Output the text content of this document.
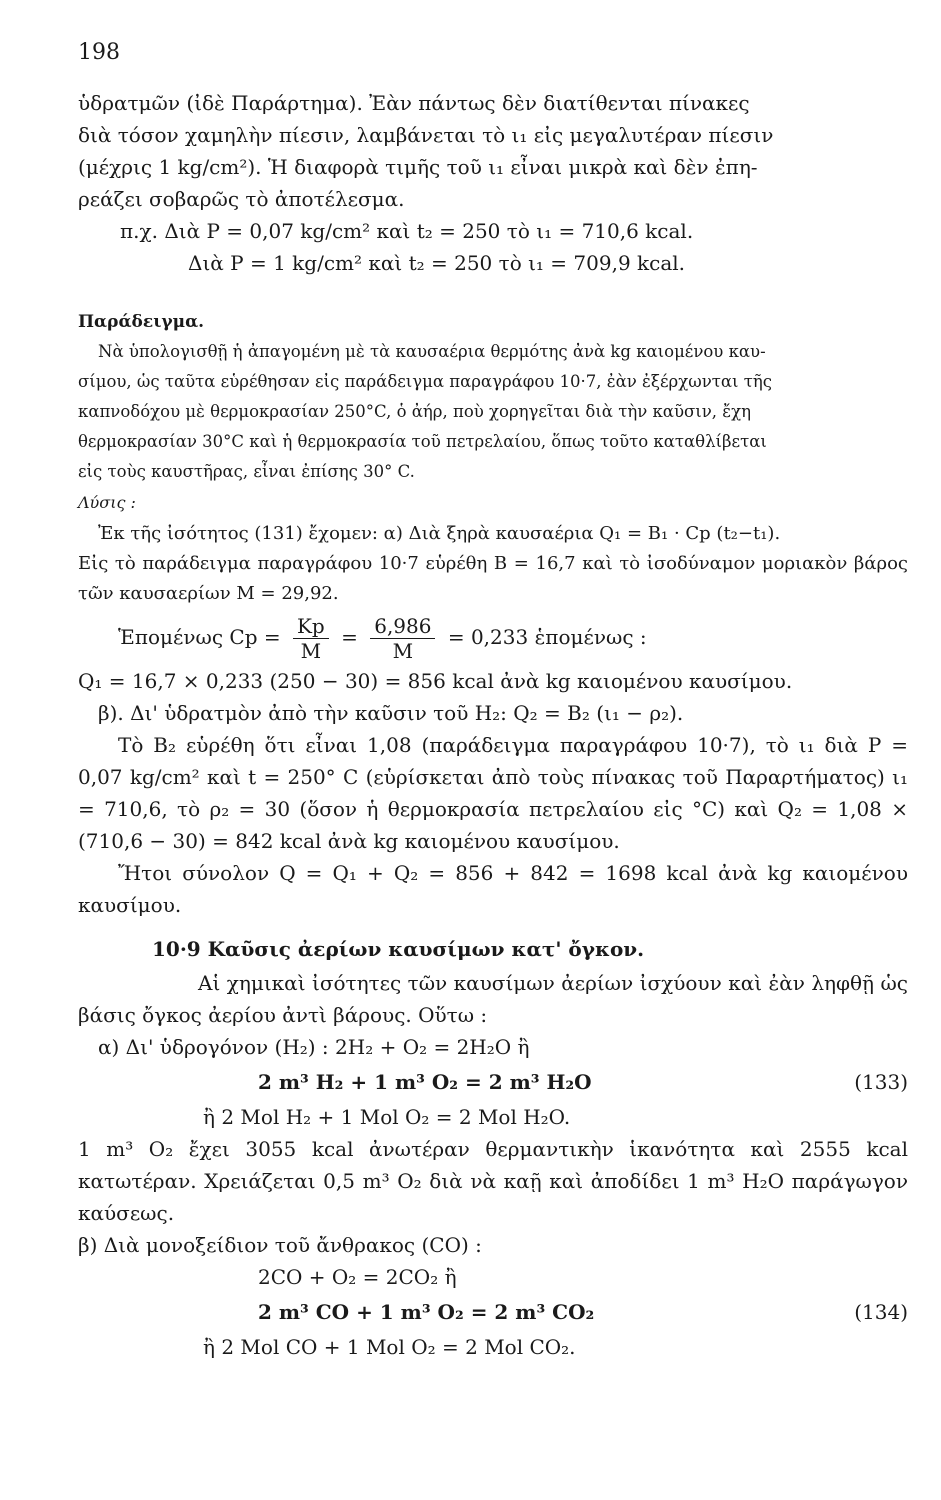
198
ὑδρατμῶν (ἰδὲ Παράρτημα). Ἐὰν πάντως δὲν διατίθενται πίνακες
διὰ τόσον χαμηλὴν πίεσιν, λαμβάνεται τὸ ι₁ εἰς μεγαλυτέραν πίεσιν
(μέχρις 1 kg/cm²). Ἡ διαφορὰ τιμῆς τοῦ ι₁ εἶναι μικρὰ καὶ δὲν ἐπη-
ρεάζει σοβαρῶς τὸ ἀποτέλεσμα.
π.χ. Διὰ P = 0,07 kg/cm² καὶ t₂ = 250 τὸ ι₁ = 710,6 kcal.
Διὰ P = 1 kg/cm² καὶ t₂ = 250 τὸ ι₁ = 709,9 kcal.
Παράδειγμα.
Νὰ ὑπολογισθῇ ἡ ἀπαγομένη μὲ τὰ καυσαέρια θερμότης ἀνὰ kg καιομένου καυ-
σίμου, ὡς ταῦτα εὑρέθησαν εἰς παράδειγμα παραγράφου 10·7, ἐὰν ἐξέρχωνται τῆς
καπνοδόχου μὲ θερμοκρασίαν 250°C, ὁ ἀήρ, ποὺ χορηγεῖται διὰ τὴν καῦσιν, ἔχη
θερμοκρασίαν 30°C καὶ ἡ θερμοκρασία τοῦ πετρελαίου, ὅπως τοῦτο καταθλίβεται
εἰς τοὺς καυστῆρας, εἶναι ἐπίσης 30° C.
Λύσις :

Ἐκ τῆς ἰσότητος (131) ἔχομεν: α) Διὰ ξηρὰ καυσαέρια Q₁ = B₁ · Cp (t₂−t₁).

Εἰς τὸ παράδειγμα παραγράφου 10·7 εὑρέθη B = 16,7 καὶ τὸ ἰσοδύναμον μοριακὸν βάρος τῶν καυσαερίων M = 29,92.

Ἑπομένως $Cp = \frac{Kp}{M} = \frac{6,986}{M} = 0,233$ ἑπομένως :
Q₁ = 16,7 × 0,233 (250 − 30) = 856 kcal ἀνὰ kg καιομένου καυσίμου.
β). Δι' ὑδρατμὸν ἀπὸ τὴν καῦσιν τοῦ H₂: Q₂ = B₂ (ι₁ − ρ₂).

Τὸ B₂ εὑρέθη ὅτι εἶναι 1,08 (παράδειγμα παραγράφου 10·7), τὸ ι₁ διὰ P = 0,07 kg/cm² καὶ t = 250° C (εὑρίσκεται ἀπὸ τοὺς πίνακας τοῦ Παραρτήματος) ι₁ = 710,6, τὸ ρ₂ = 30 (ὅσον ἡ θερμοκρασία πετρελαίου εἰς °C) καὶ Q₂ = 1,08 × (710,6 − 30) = 842 kcal ἀνὰ kg καιομένου καυσίμου.

Ἤτοι σύνολον Q = Q₁ + Q₂ = 856 + 842 = 1698 kcal ἀνὰ kg καιομένου καυσίμου.

10·9 Καῦσις ἀερίων καυσίμων κατ' ὄγκον.

Αἱ χημικαὶ ἰσότητες τῶν καυσίμων ἀερίων ἰσχύουν καὶ ἐὰν ληφθῇ ὡς βάσις ὄγκος ἀερίου ἀντὶ βάρους. Οὕτω :

α) Δι' ὑδρογόνον (H₂) : 2H₂ + O₂ = 2H₂O ἢ
2 m³ H₂ + 1 m³ O₂ = 2 m³ H₂O	(133)
ἢ 2 Mol H₂ + 1 Mol O₂ = 2 Mol H₂O.

1 m³ O₂ ἔχει 3055 kcal ἀνωτέραν θερμαντικὴν ἱκανότητα καὶ 2555 kcal κατωτέραν. Χρειάζεται 0,5 m³ O₂ διὰ νὰ καῇ καὶ ἀποδίδει 1 m³ H₂O παράγωγον καύσεως.

β) Διὰ μονοξείδιον τοῦ ἄνθρακος (CO) :
2CO + O₂ = 2CO₂ ἢ
2 m³ CO + 1 m³ O₂ = 2 m³ CO₂	(134)
ἢ 2 Mol CO + 1 Mol O₂ = 2 Mol CO₂.
